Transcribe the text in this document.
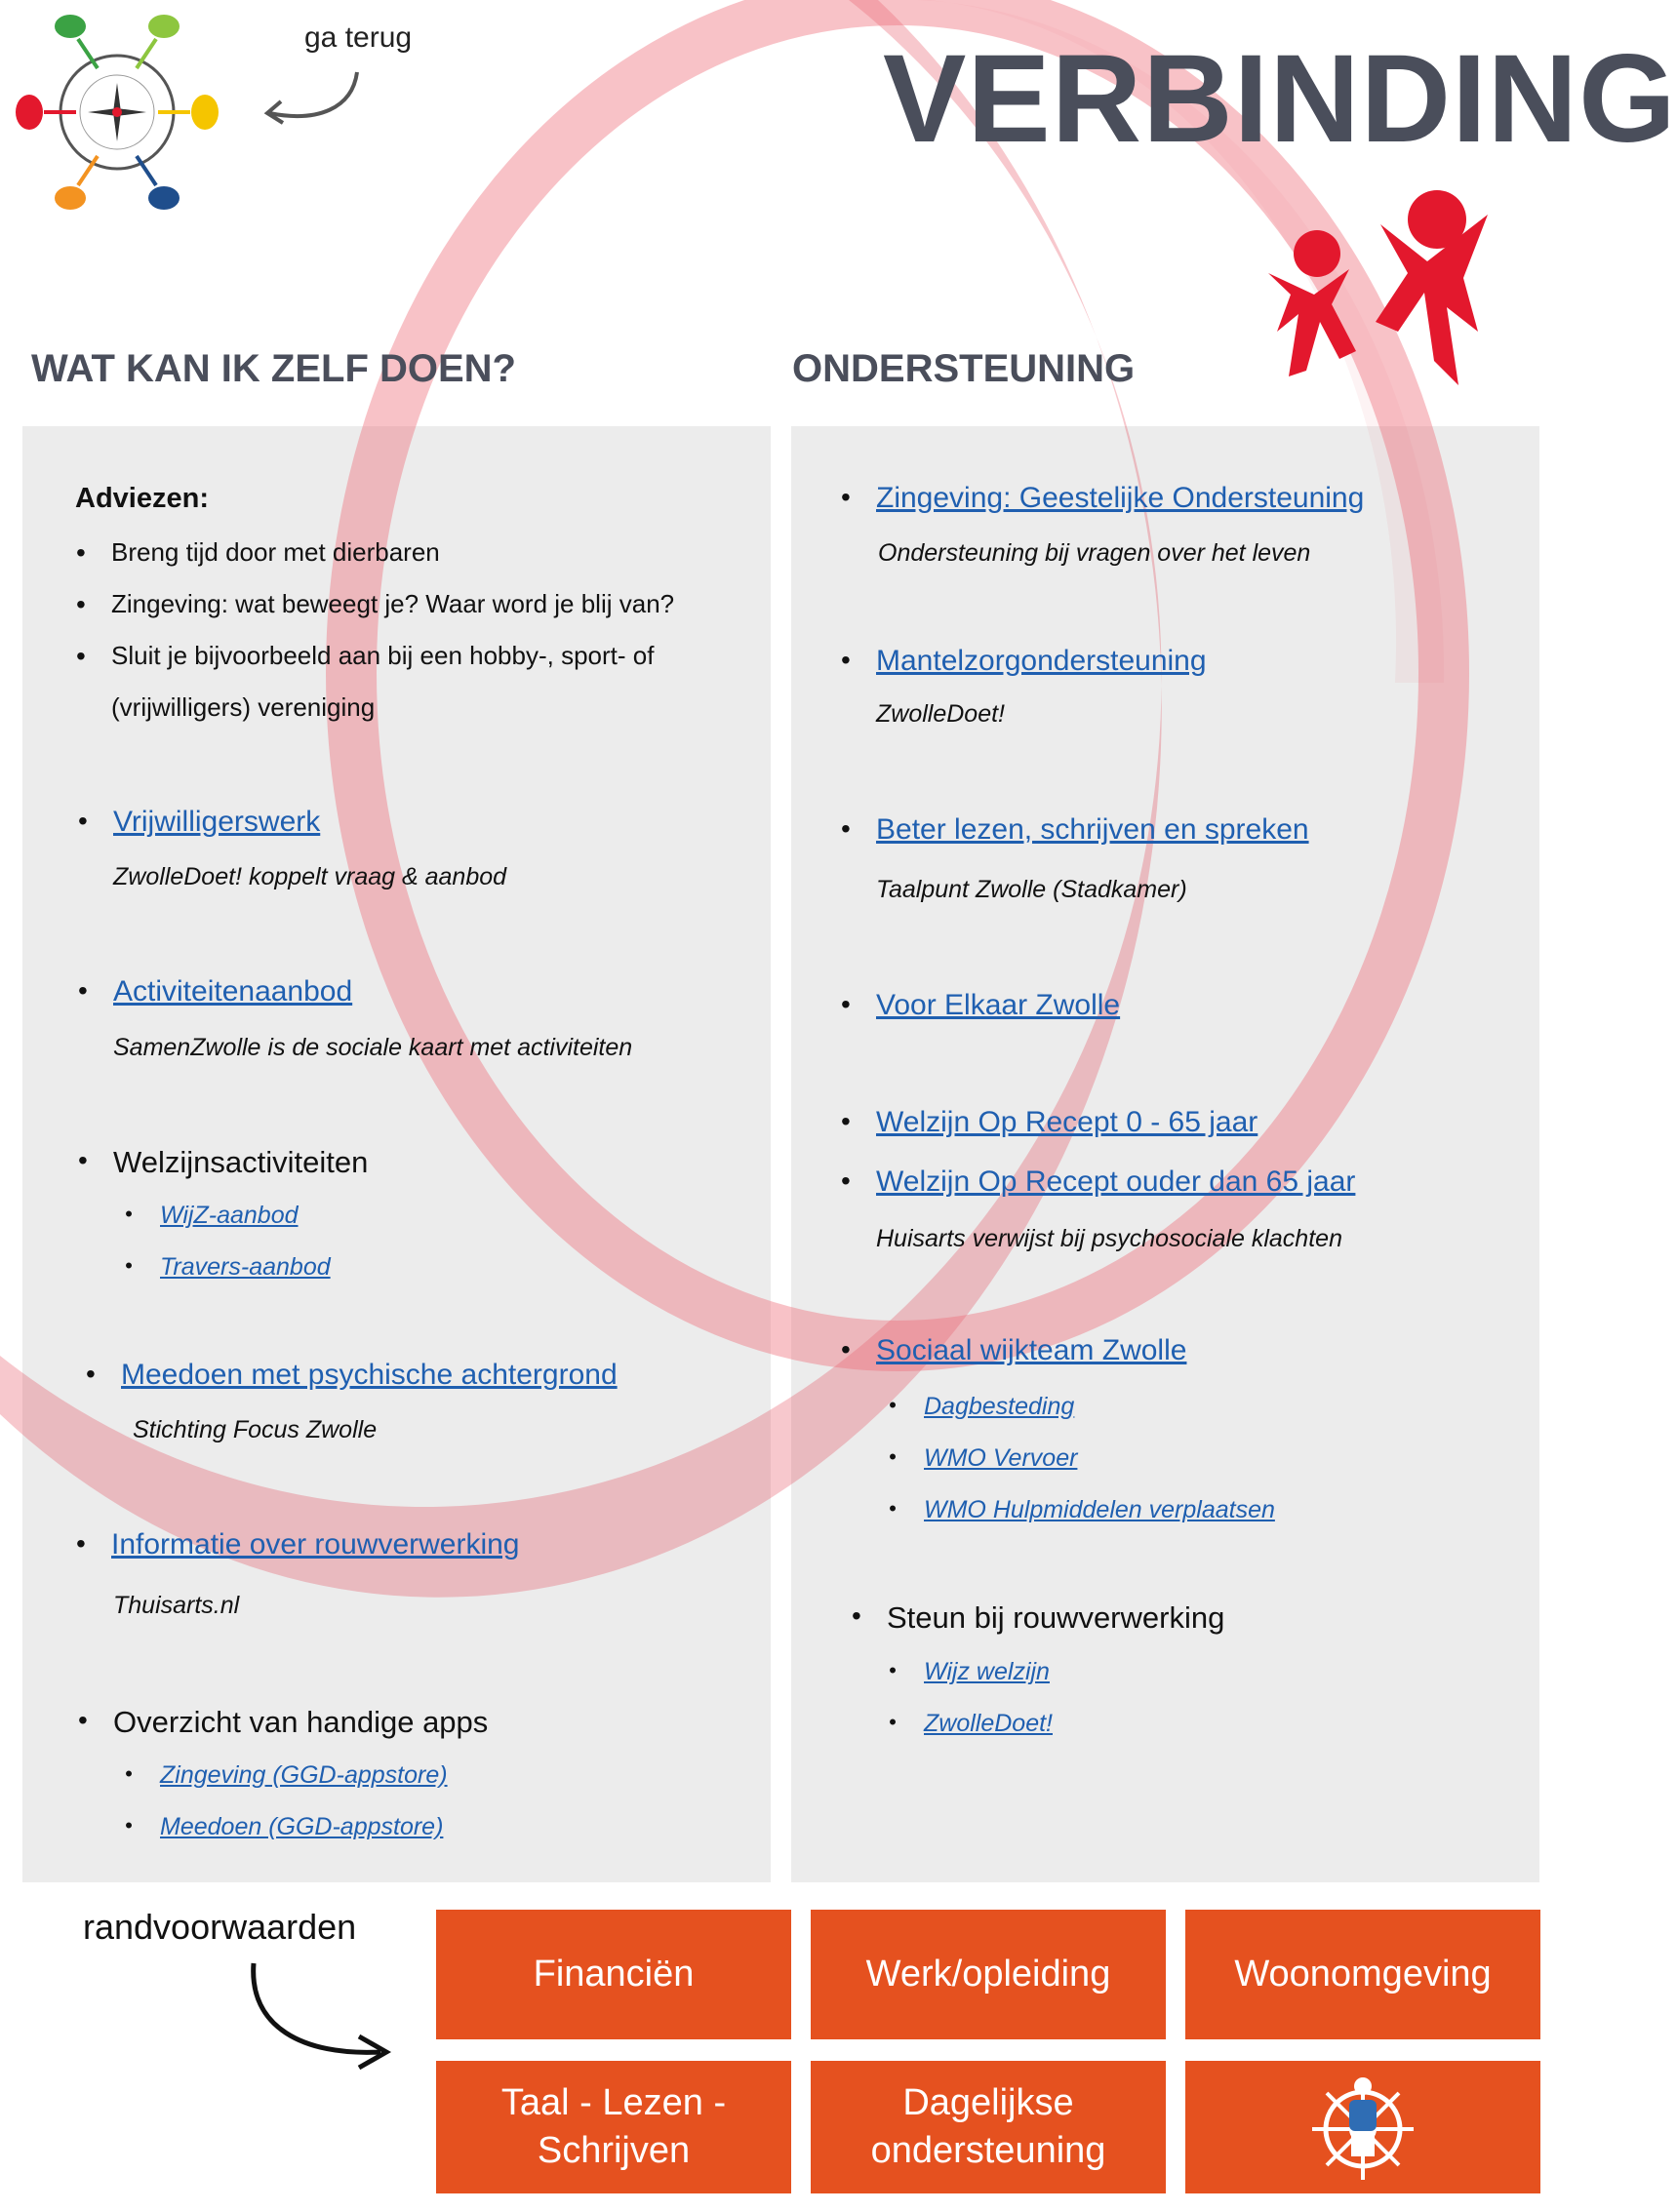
ga terug	VERBINDING
WAT KAN IK ZELF DOEN?	ONDERSTEUNING
Adviezen:
• Breng tijd door met dierbaren
• Zingeving: wat beweegt je? Waar word je blij van?
• Sluit je bijvoorbeeld aan bij een hobby-, sport- of
(vrijwilligers) vereniging
• Vrijwilligerswerk
ZwolleDoet! koppelt vraag & aanbod
• Activiteitenaanbod
SamenZwolle is de sociale kaart met activiteiten
• Welzijnsactiviteiten
• WijZ-aanbod
• Travers-aanbod
• Meedoen met psychische achtergrond
Stichting Focus Zwolle
• Informatie over rouwverwerking
Thuisarts.nl
• Overzicht van handige apps
• Zingeving (GGD-appstore)
• Meedoen (GGD-appstore)
• Zingeving: Geestelijke Ondersteuning
Ondersteuning bij vragen over het leven
• Mantelzorgondersteuning
ZwolleDoet!
• Beter lezen, schrijven en spreken
Taalpunt Zwolle (Stadkamer)
• Voor Elkaar Zwolle
• Welzijn Op Recept 0 - 65 jaar
• Welzijn Op Recept ouder dan 65 jaar
Huisarts verwijst bij psychosociale klachten
• Sociaal wijkteam Zwolle
• Dagbesteding
• WMO Vervoer
• WMO Hulpmiddelen verplaatsen
• Steun bij rouwverwerking
• Wijz welzijn
• ZwolleDoet!
randvoorwaarden
Financiën	Werk/opleiding	Woonomgeving
Taal - Lezen -
Schrijven
Dagelijkse
ondersteuning
